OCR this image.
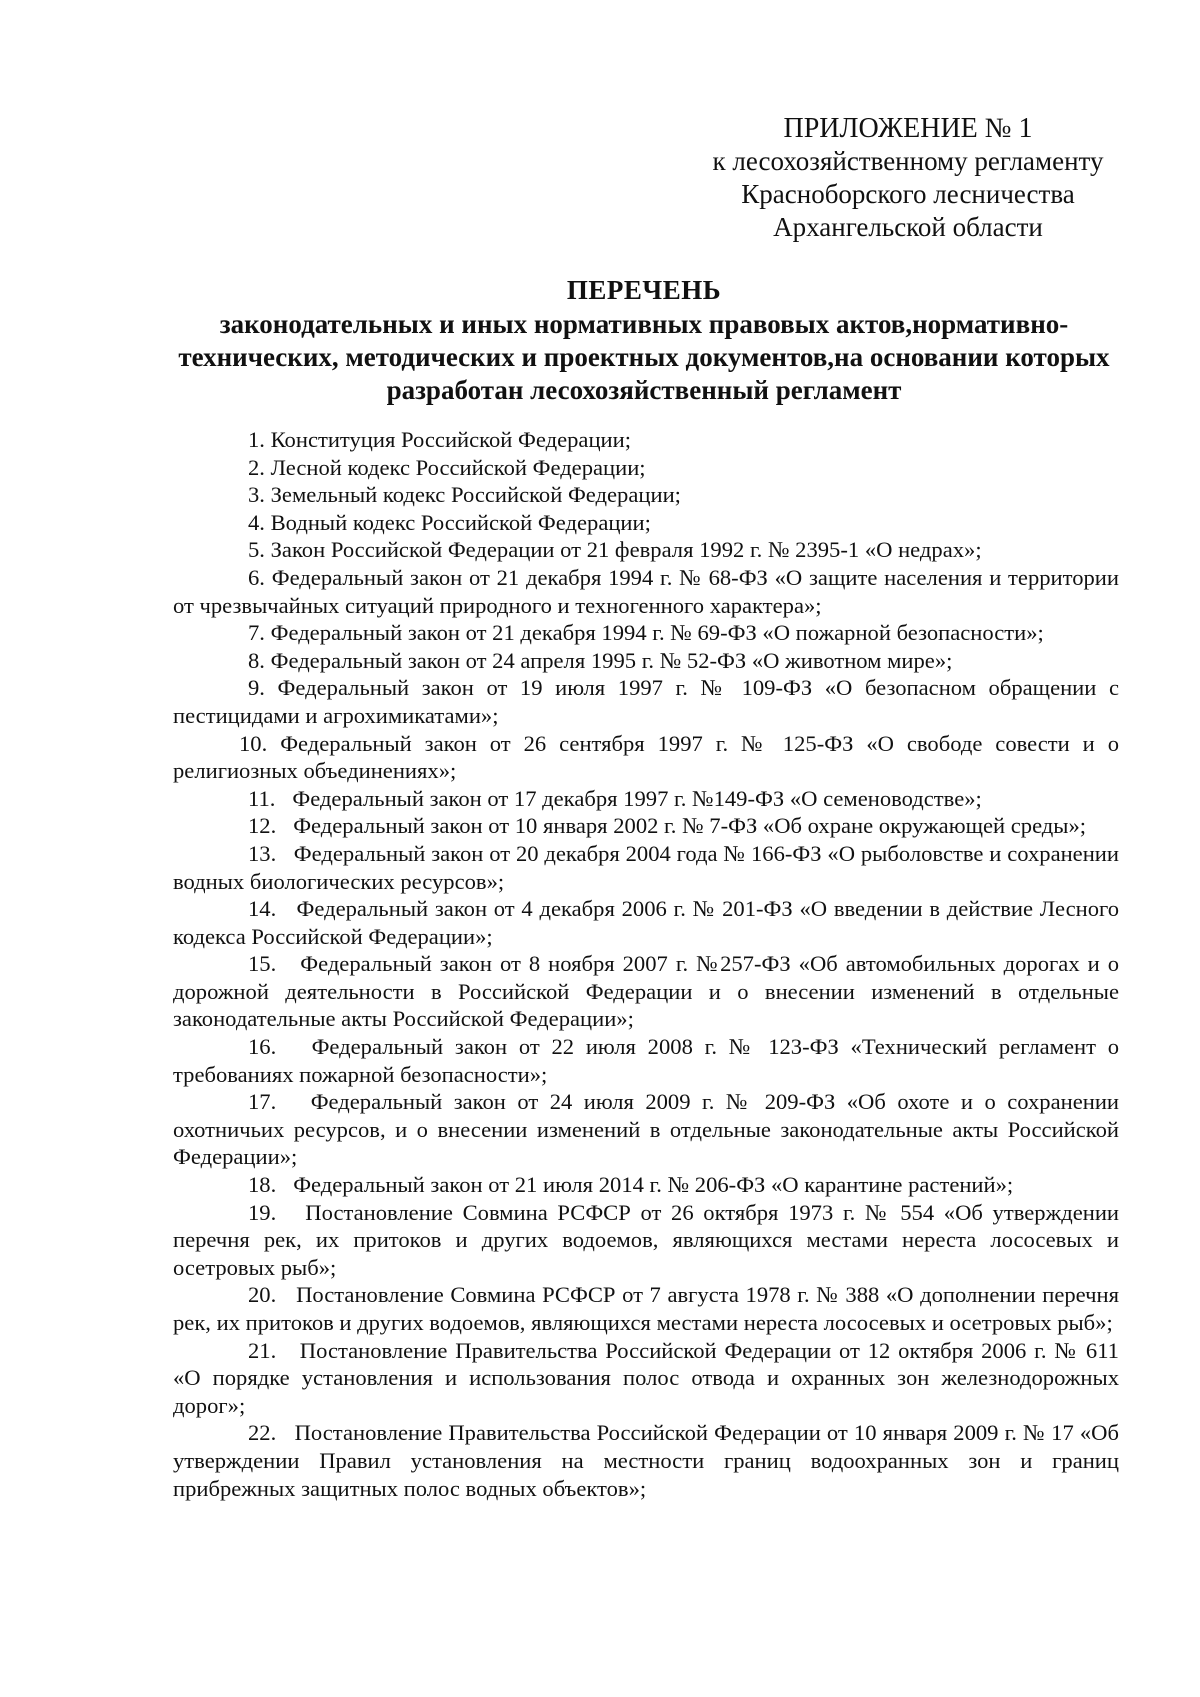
ПРИЛОЖЕНИЕ № 1
к лесохозяйственному регламенту
Красноборского лесничества
Архангельской области
ПЕРЕЧЕНЬ
законодательных и иных нормативных правовых актов,нормативно-технических, методических и проектных документов,на основании которых разработан лесохозяйственный регламент

1. Конституция Российской Федерации;

2. Лесной кодекс Российской Федерации;

3. Земельный кодекс Российской Федерации;

4. Водный кодекс Российской Федерации;

5. Закон Российской Федерации от 21 февраля 1992 г. № 2395-1 «О недрах»;

6. Федеральный закон от 21 декабря 1994 г. № 68-ФЗ «О защите населения и территории от чрезвычайных ситуаций природного и техногенного характера»;

7. Федеральный закон от 21 декабря 1994 г. № 69-ФЗ «О пожарной безопасности»;

8. Федеральный закон от 24 апреля 1995 г. № 52-ФЗ «О животном мире»;

9. Федеральный закон от 19 июля 1997 г. № 109-ФЗ «О безопасном обращении с пестицидами и агрохимикатами»;

10. Федеральный закон от 26 сентября 1997 г. № 125-ФЗ «О свободе совести и о религиозных объединениях»;

11. Федеральный закон от 17 декабря 1997 г. №149-ФЗ «О семеноводстве»;

12. Федеральный закон от 10 января 2002 г. № 7-ФЗ «Об охране окружающей среды»;

13. Федеральный закон от 20 декабря 2004 года № 166-ФЗ «О рыболовстве и сохранении водных биологических ресурсов»;

14. Федеральный закон от 4 декабря 2006 г. № 201-ФЗ «О введении в действие Лесного кодекса Российской Федерации»;

15. Федеральный закон от 8 ноября 2007 г. №257-ФЗ «Об автомобильных дорогах и о дорожной деятельности в Российской Федерации и о внесении изменений в отдельные законодательные акты Российской Федерации»;

16. Федеральный закон от 22 июля 2008 г. № 123-ФЗ «Технический регламент о требованиях пожарной безопасности»;

17. Федеральный закон от 24 июля 2009 г. № 209-ФЗ «Об охоте и о сохранении охотничьих ресурсов, и о внесении изменений в отдельные законодательные акты Российской Федерации»;

18. Федеральный закон от 21 июля 2014 г. № 206-ФЗ «О карантине растений»;

19. Постановление Совмина РСФСР от 26 октября 1973 г. № 554 «Об утверждении перечня рек, их притоков и других водоемов, являющихся местами нереста лососевых и осетровых рыб»;

20. Постановление Совмина РСФСР от 7 августа 1978 г. № 388 «О дополнении перечня рек, их притоков и других водоемов, являющихся местами нереста лососевых и осетровых рыб»;

21. Постановление Правительства Российской Федерации от 12 октября 2006 г. № 611 «О порядке установления и использования полос отвода и охранных зон железнодорожных дорог»;

22. Постановление Правительства Российской Федерации от 10 января 2009 г. № 17 «Об утверждении Правил установления на местности границ водоохранных зон и границ прибрежных защитных полос водных объектов»;
